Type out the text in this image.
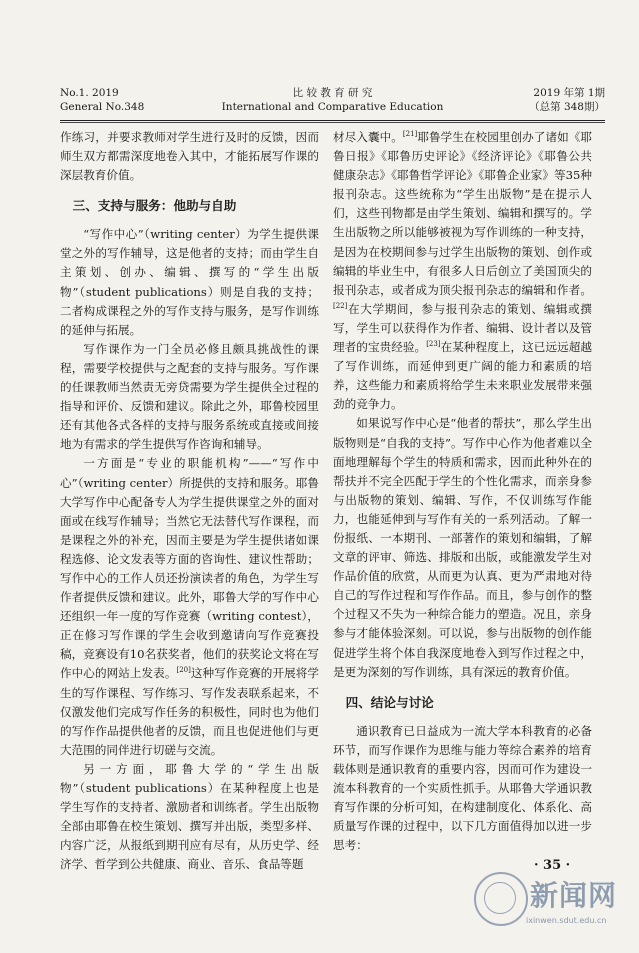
No.1. 2019
General No.348
比 较 教 育 研 究
International and Comparative Education
2019 年第 1期
（总第 348期）

作练习，并要求教师对学生进行及时的反馈，因而师生双方都需深度地卷入其中，才能拓展写作课的深层教育价值。

三、支持与服务：他助与自助

“写作中心”（writing center）为学生提供课堂之外的写作辅导，这是他者的支持；而由学生自主策划、创办、编辑、撰写的“学生出版物”（student publications）则是自我的支持；二者构成课程之外的写作支持与服务，是写作训练的延伸与拓展。

写作课作为一门全员必修且颇具挑战性的课程，需要学校提供与之配套的支持与服务。写作课的任课教师当然责无旁贷需要为学生提供全过程的指导和评价、反馈和建议。除此之外，耶鲁校园里还有其他各式各样的支持与服务系统或直接或间接地为有需求的学生提供写作咨询和辅导。

一方面是“专业的职能机构”——“写作中心”（writing center）所提供的支持和服务。耶鲁大学写作中心配备专人为学生提供课堂之外的面对面或在线写作辅导；当然它无法替代写作课程，而是课程之外的补充，因而主要是为学生提供诸如课程选修、论文发表等方面的咨询性、建议性帮助；写作中心的工作人员还扮演读者的角色，为学生写作者提供反馈和建议。此外，耶鲁大学的写作中心还组织一年一度的写作竞赛（writing contest），正在修习写作课的学生会收到邀请向写作竞赛投稿，竞赛设有10名获奖者，他们的获奖论文将在写作中心的网站上发表。[20]这种写作竞赛的开展将学生的写作课程、写作练习、写作发表联系起来，不仅激发他们完成写作任务的积极性，同时也为他们的写作作品提供他者的反馈，而且也促进他们与更大范围的同伴进行切磋与交流。

另一方面，耶鲁大学的“学生出版物”（student publications）在某种程度上也是学生写作的支持者、激励者和训练者。学生出版物全部由耶鲁在校生策划、撰写并出版，类型多样、内容广泛，从报纸到期刊应有尽有，从历史学、经济学、哲学到公共健康、商业、音乐、食品等题

材尽入囊中。[21]耶鲁学生在校园里创办了诸如《耶鲁日报》《耶鲁历史评论》《经济评论》《耶鲁公共健康杂志》《耶鲁哲学评论》《耶鲁企业家》等35种报刊杂志。这些统称为“学生出版物”是在提示人们，这些刊物都是由学生策划、编辑和撰写的。学生出版物之所以能够被视为写作训练的一种支持，是因为在校期间参与过学生出版物的策划、创作或编辑的毕业生中，有很多人日后创立了美国顶尖的报刊杂志，或者成为顶尖报刊杂志的编辑和作者。[22]在大学期间，参与报刊杂志的策划、编辑或撰写，学生可以获得作为作者、编辑、设计者以及管理者的宝贵经验。[23]在某种程度上，这已远远超越了写作训练，而延伸到更广阔的能力和素质的培养，这些能力和素质将给学生未来职业发展带来强劲的竞争力。

如果说写作中心是“他者的帮扶”，那么学生出版物则是“自我的支持”。写作中心作为他者难以全面地理解每个学生的特质和需求，因而此种外在的帮扶并不完全匹配于学生的个性化需求，而亲身参与出版物的策划、编辑、写作，不仅训练写作能力，也能延伸到与写作有关的一系列活动。了解一份报纸、一本期刊、一部著作的策划和编辑，了解文章的评审、筛选、排版和出版，或能激发学生对作品价值的欣赏，从而更为认真、更为严肃地对待自己的写作过程和写作作品。而且，参与创作的整个过程又不失为一种综合能力的塑造。况且，亲身参与才能体验深刻。可以说，参与出版物的创作能促进学生将个体自我深度地卷入到写作过程之中，是更为深刻的写作训练，具有深远的教育价值。

四、结论与讨论

通识教育已日益成为一流大学本科教育的必备环节，而写作课作为思维与能力等综合素养的培育载体则是通识教育的重要内容，因而可作为建设一流本科教育的一个实质性抓手。从耶鲁大学通识教育写作课的分析可知，在构建制度化、体系化、高质量写作课的过程中，以下几方面值得加以进一步思考：

· 35 ·
新闻网
ixinwen.sdut.edu.cn
